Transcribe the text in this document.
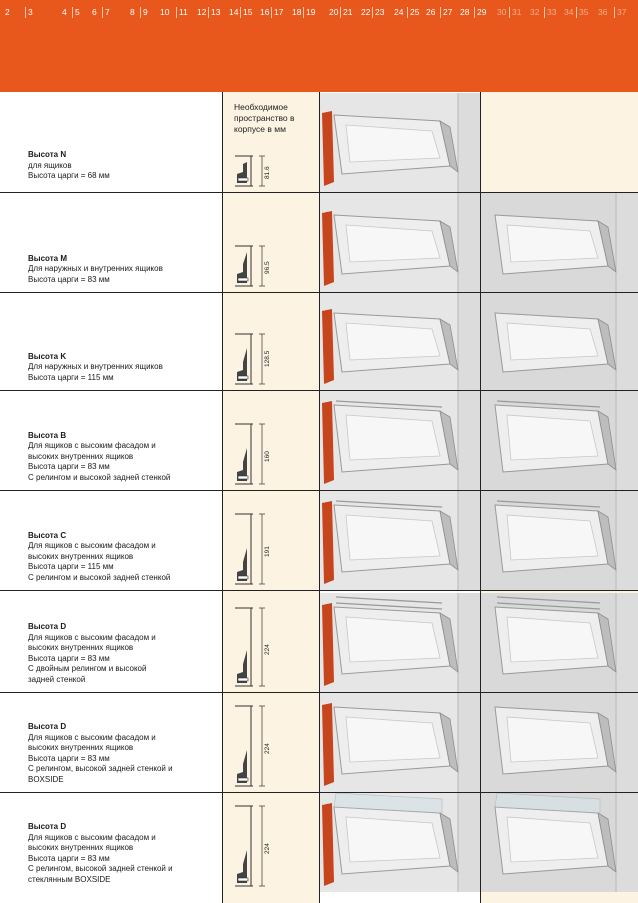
2	3	4 5 6 7 8 9 10	11 12 13 14 15 16 17 18 19 20 21 22 23 24 25 26 27 28 29 30 31 32 33 34 35 36	37
Необходимое пространство в корпусе в мм
Высота N
для ящиков
Высота царги = 68 мм	81.6
Высота M
Для наружных и внутренних ящиков
Высота царги = 83 мм
96.5
Высота K
Для наружных и внутренних ящиков
Высота царги = 115 мм
128.5
Высота B
Для ящиков с высоким фасадом и
высоких внутренних ящиков
Высота царги = 83 мм
С релингом и высокой задней стенкой
160
Высота C
Для ящиков с высоким фасадом и
высоких внутренних ящиков
Высота царги = 115 мм
С релингом и высокой задней стенкой
191
Высота D
Для ящиков с высоким фасадом и
высоких внутренних ящиков
Высота царги = 83 мм
С двойным релингом и высокой
задней стенкой
224
Высота D
Для ящиков с высоким фасадом и
высоких внутренних ящиков
Высота царги = 83 мм
С релингом, высокой задней стенкой и
BOXSIDE
224
Высота D
Для ящиков с высоким фасадом и
высоких внутренних ящиков
Высота царги = 83 мм
С релингом, высокой задней стенкой и
стеклянным BOXSIDE
224
